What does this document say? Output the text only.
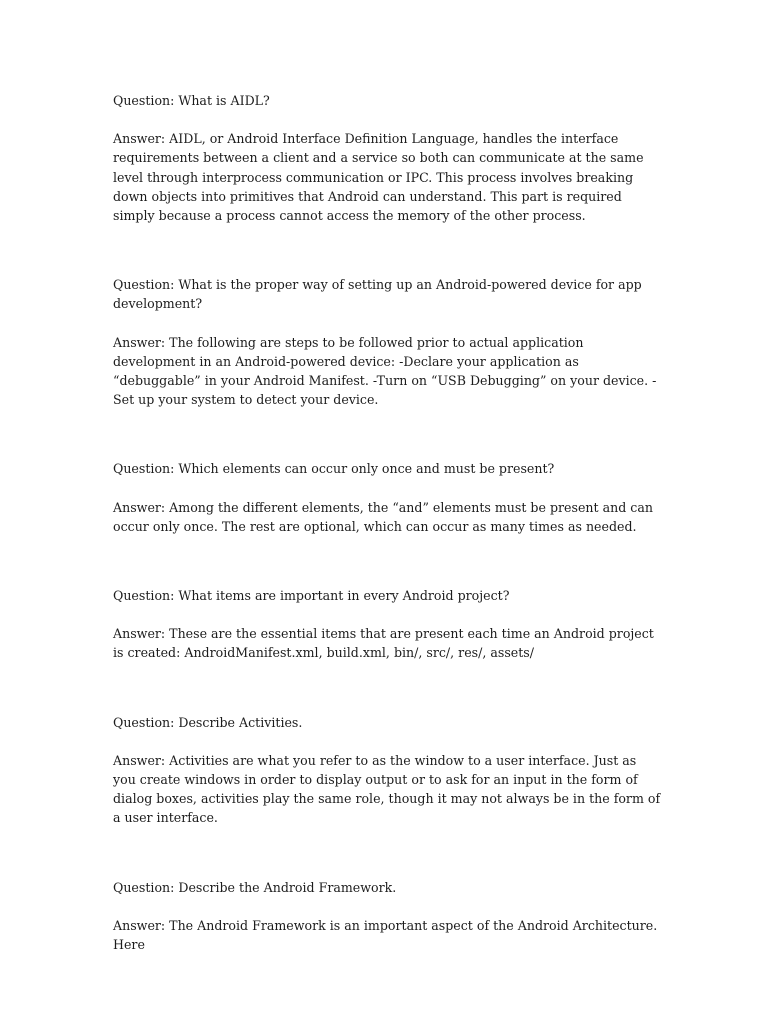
Question: What is AIDL?

Answer: AIDL, or Android Interface Definition Language, handles the interface requirements between a client and a service so both can communicate at the same level through interprocess communication or IPC. This process involves breaking down objects into primitives that Android can understand. This part is required simply because a process cannot access the memory of the other process.

Question: What is the proper way of setting up an Android-powered device for app development?

Answer: The following are steps to be followed prior to actual application development in an Android-powered device: -Declare your application as “debuggable” in your Android Manifest. -Turn on “USB Debugging” on your device. -Set up your system to detect your device.

Question: Which elements can occur only once and must be present?

Answer: Among the different elements, the “and” elements must be present and can occur only once. The rest are optional, which can occur as many times as needed.

Question: What items are important in every Android project?

Answer: These are the essential items that are present each time an Android project is created: AndroidManifest.xml, build.xml, bin/, src/, res/, assets/

Question: Describe Activities.

Answer: Activities are what you refer to as the window to a user interface. Just as you create windows in order to display output or to ask for an input in the form of dialog boxes, activities play the same role, though it may not always be in the form of a user interface.

Question: Describe the Android Framework.

Answer: The Android Framework is an important aspect of the Android Architecture. Here
